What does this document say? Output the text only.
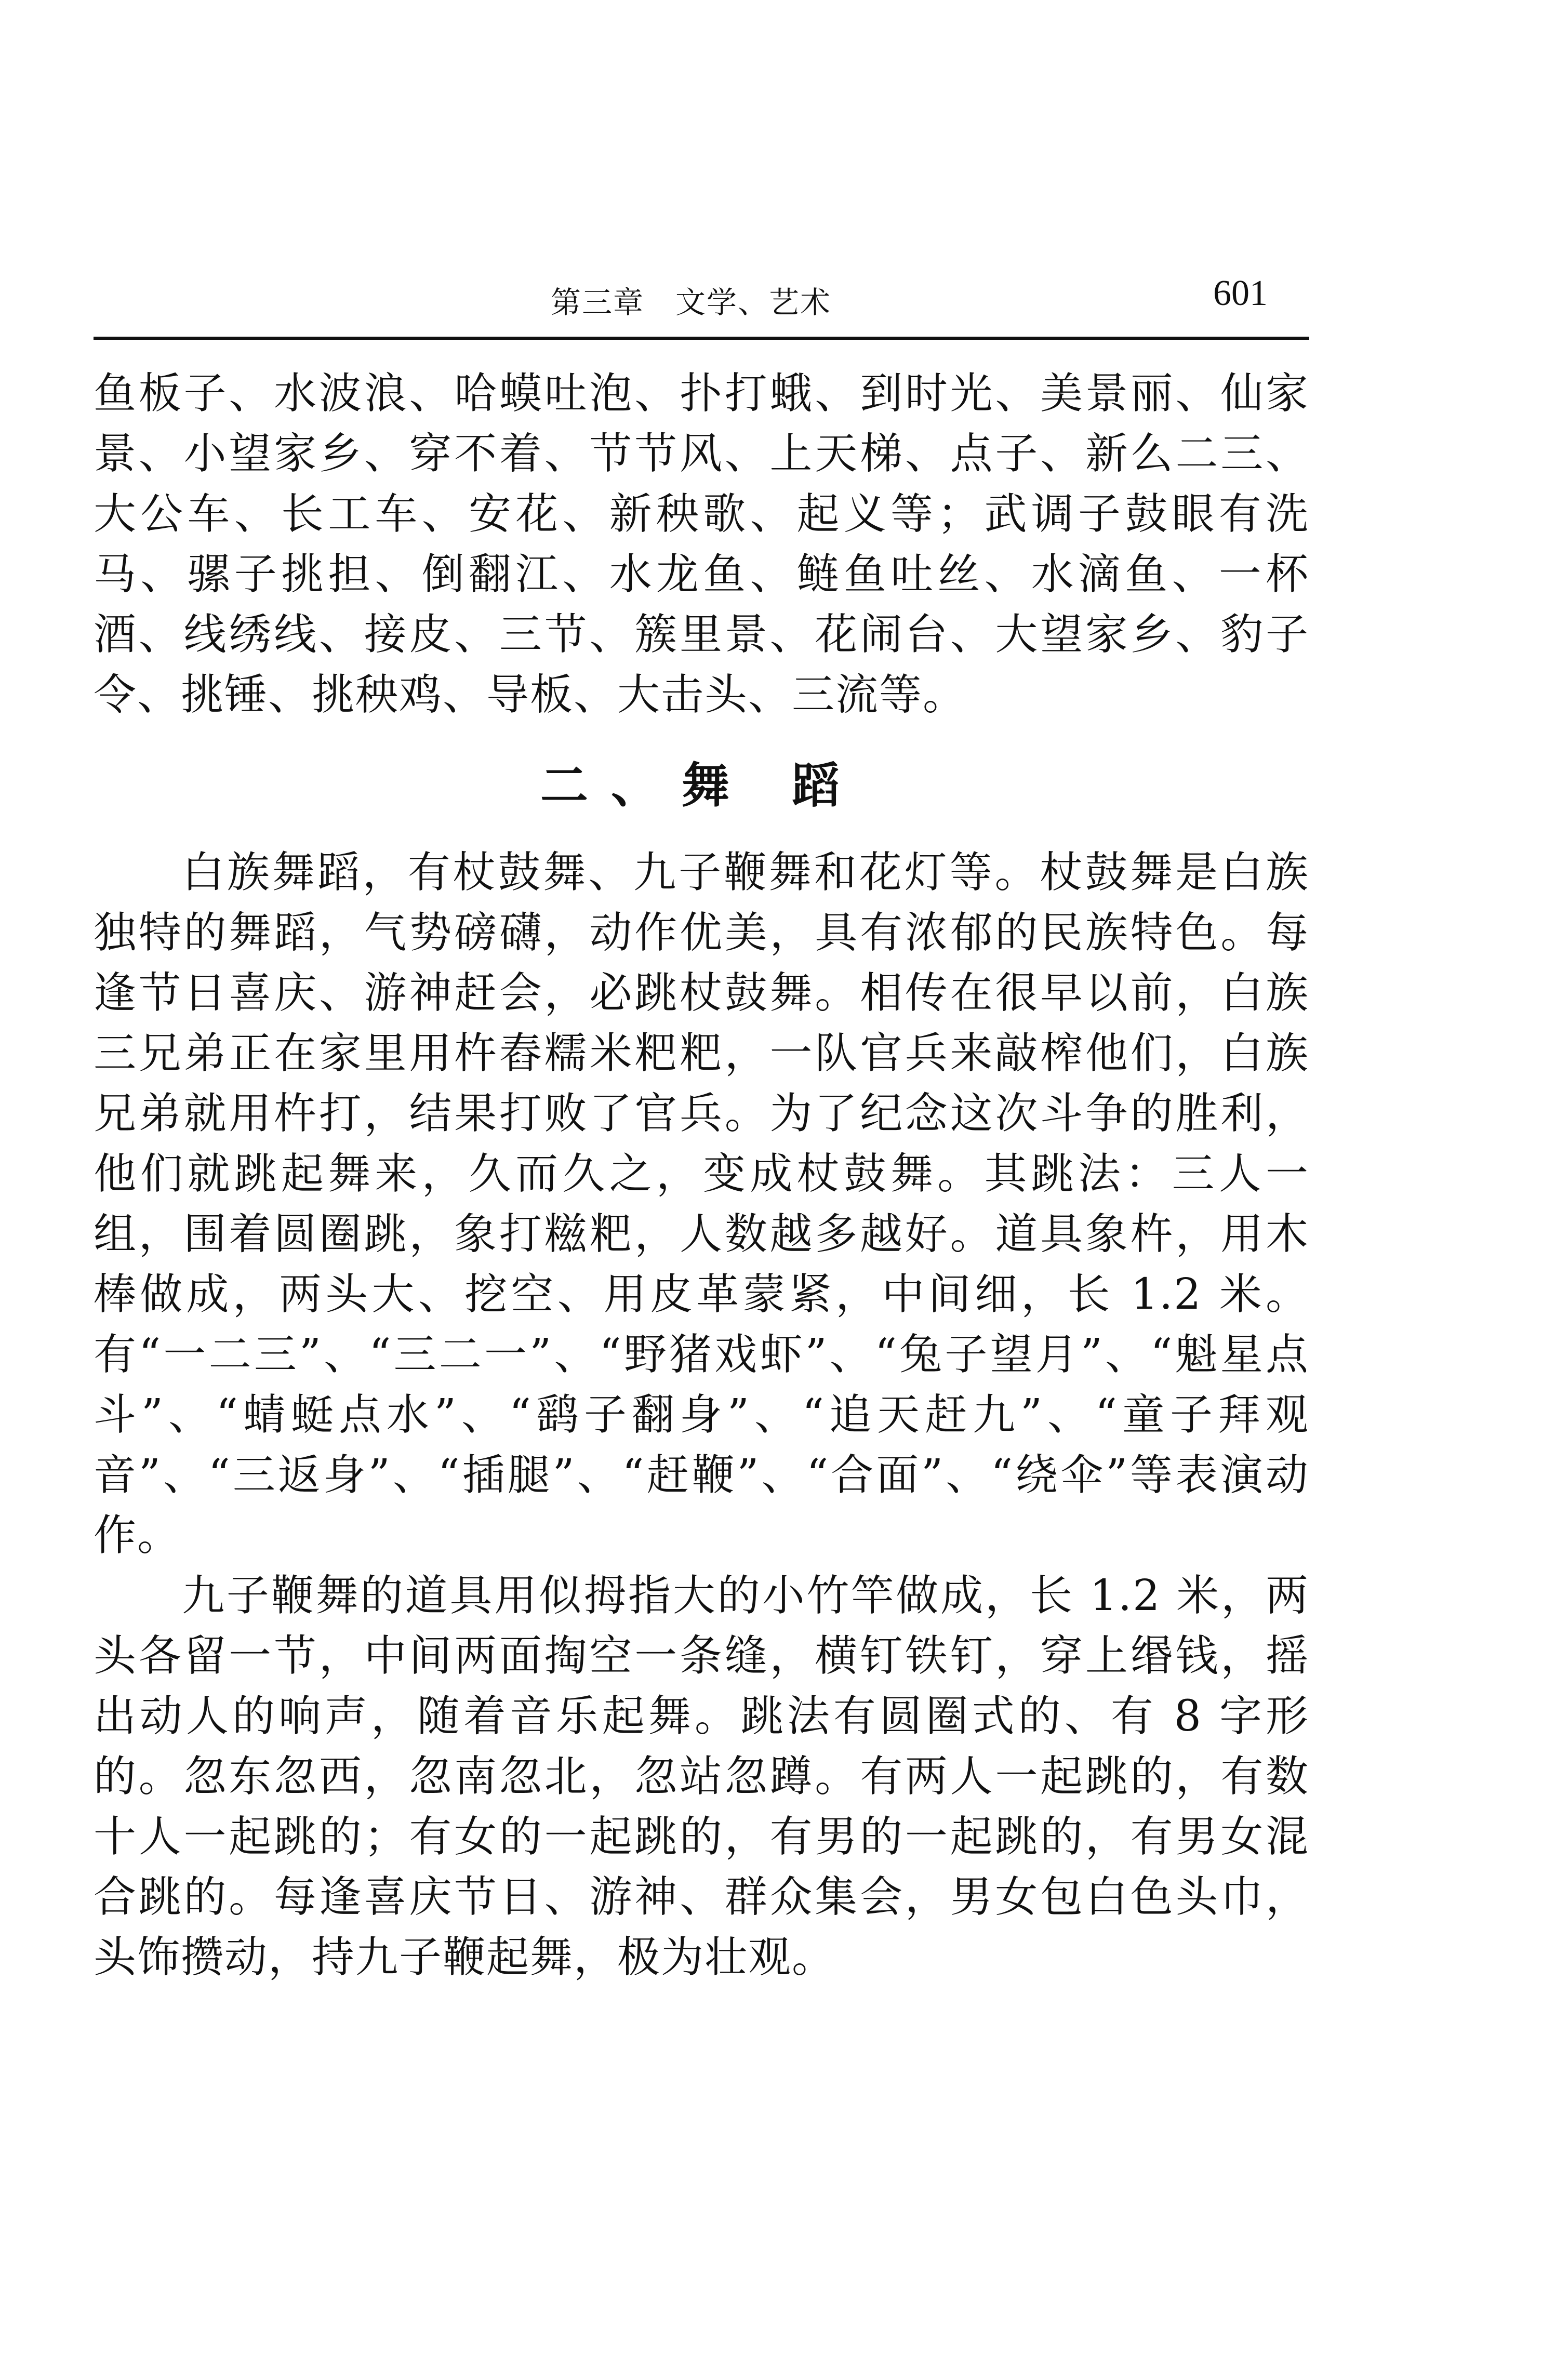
第三章　文学、艺术	601

鱼板子、水波浪、哈蟆吐泡、扑打蛾、到时光、美景丽、仙家景、小望家乡、穿不着、节节风、上天梯、点子、新么二三、大公车、长工车、安花、新秧歌、起义等；武调子鼓眼有洗马、骡子挑担、倒翻江、水龙鱼、鲢鱼吐丝、水滴鱼、一杯酒、线绣线、接皮、三节、簇里景、花闹台、大望家乡、豹子令、挑锤、挑秧鸡、导板、大击头、三流等。

二、舞 蹈

白族舞蹈，有杖鼓舞、九子鞭舞和花灯等。杖鼓舞是白族独特的舞蹈，气势磅礴，动作优美，具有浓郁的民族特色。每逢节日喜庆、游神赶会，必跳杖鼓舞。相传在很早以前，白族三兄弟正在家里用杵舂糯米粑粑，一队官兵来敲榨他们，白族兄弟就用杵打，结果打败了官兵。为了纪念这次斗争的胜利，他们就跳起舞来，久而久之，变成杖鼓舞。其跳法：三人一组，围着圆圈跳，象打糍粑，人数越多越好。道具象杵，用木棒做成，两头大、挖空、用皮革蒙紧，中间细，长 1.2 米。有“一二三”、“三二一”、“野猪戏虾”、“兔子望月”、“魁星点斗”、“蜻蜓点水”、“鹞子翻身”、“追天赶九”、“童子拜观音”、“三返身”、“插腿”、“赶鞭”、“合面”、“绕伞”等表演动作。

九子鞭舞的道具用似拇指大的小竹竿做成，长 1.2 米，两头各留一节，中间两面掏空一条缝，横钉铁钉，穿上缗钱，摇出动人的响声，随着音乐起舞。跳法有圆圈式的、有 8 字形的。忽东忽西，忽南忽北，忽站忽蹲。有两人一起跳的，有数十人一起跳的；有女的一起跳的，有男的一起跳的，有男女混合跳的。每逢喜庆节日、游神、群众集会，男女包白色头巾，头饰攒动，持九子鞭起舞，极为壮观。
